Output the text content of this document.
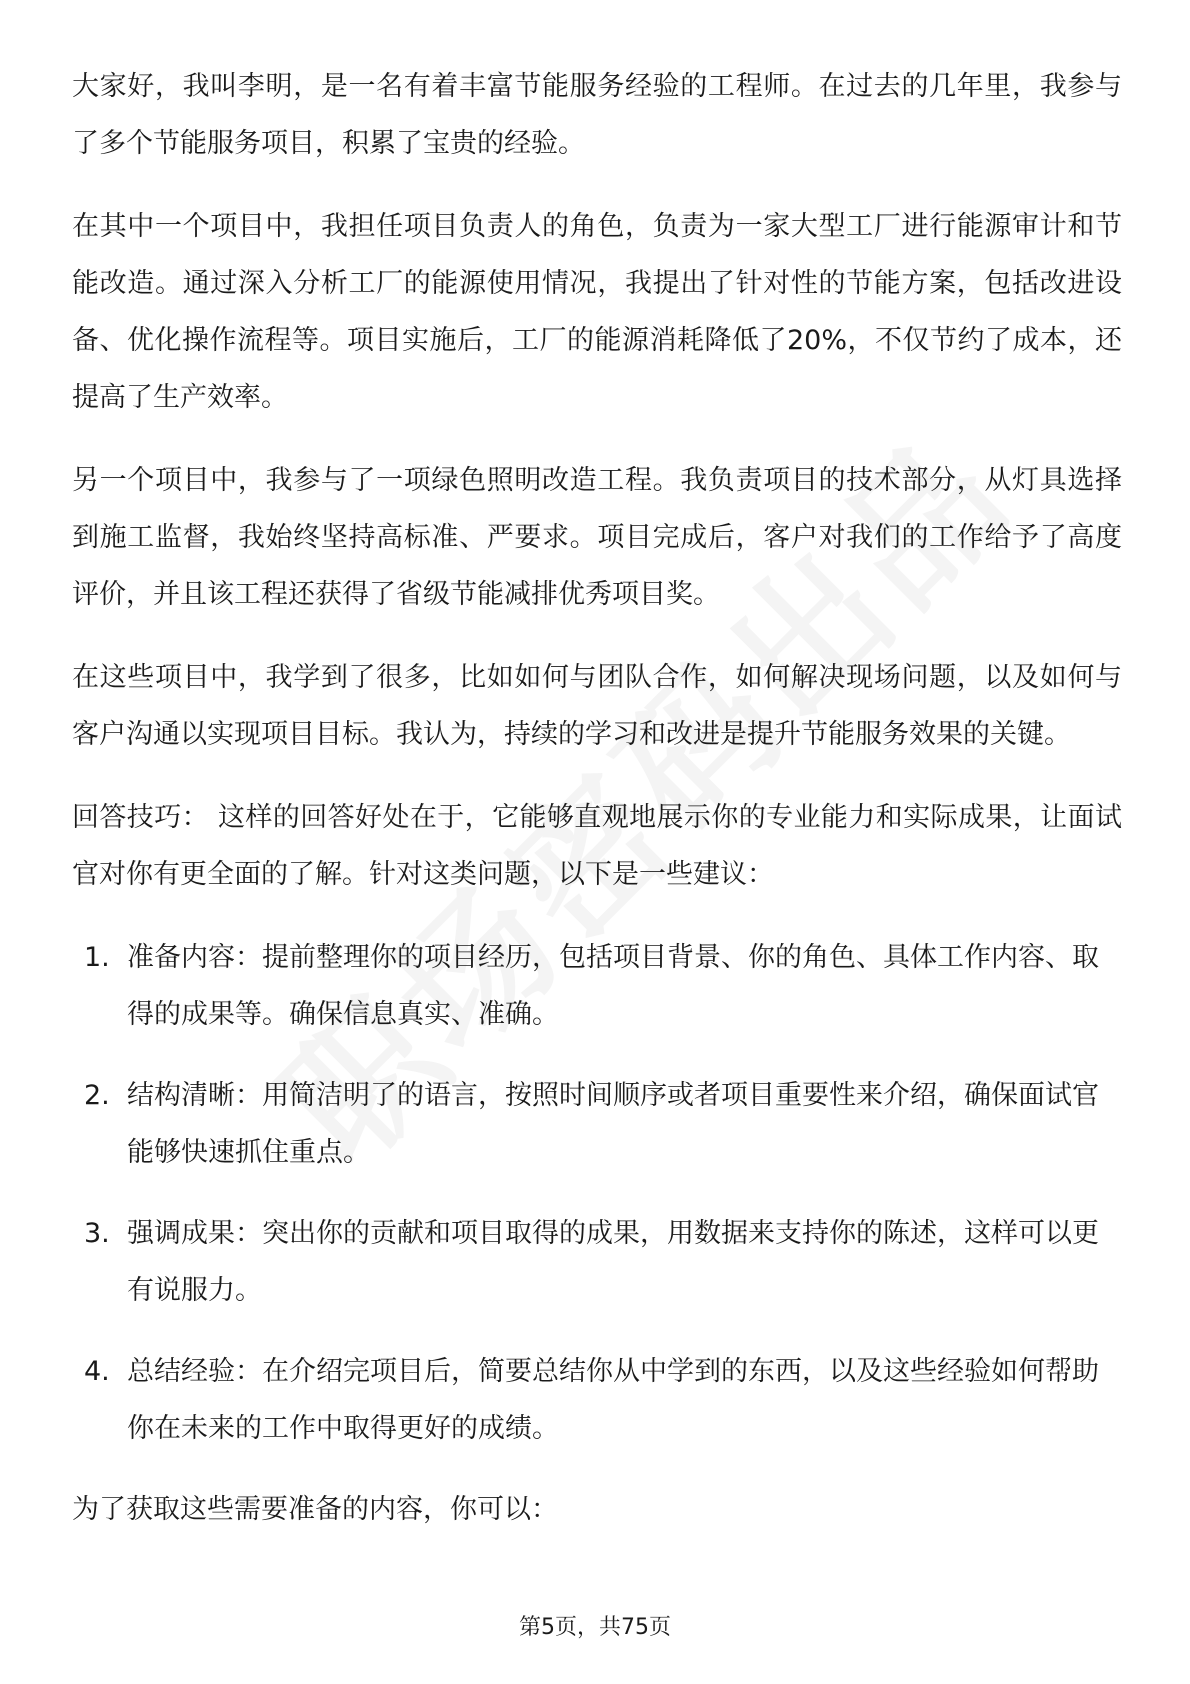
大家好，我叫李明，是一名有着丰富节能服务经验的工程师。在过去的几年里，我参与了多个节能服务项目，积累了宝贵的经验。

在其中一个项目中，我担任项目负责人的角色，负责为一家大型工厂进行能源审计和节能改造。通过深入分析工厂的能源使用情况，我提出了针对性的节能方案，包括改进设备、优化操作流程等。项目实施后，工厂的能源消耗降低了20%，不仅节约了成本，还提高了生产效率。

另一个项目中，我参与了一项绿色照明改造工程。我负责项目的技术部分，从灯具选择到施工监督，我始终坚持高标准、严要求。项目完成后，客户对我们的工作给予了高度评价，并且该工程还获得了省级节能减排优秀项目奖。

在这些项目中，我学到了很多，比如如何与团队合作，如何解决现场问题，以及如何与客户沟通以实现项目目标。我认为，持续的学习和改进是提升节能服务效果的关键。

回答技巧： 这样的回答好处在于，它能够直观地展示你的专业能力和实际成果，让面试官对你有更全面的了解。针对这类问题，以下是一些建议：

1. 准备内容：提前整理你的项目经历，包括项目背景、你的角色、具体工作内容、取得的成果等。确保信息真实、准确。
2. 结构清晰：用简洁明了的语言，按照时间顺序或者项目重要性来介绍，确保面试官能够快速抓住重点。
3. 强调成果：突出你的贡献和项目取得的成果，用数据来支持你的陈述，这样可以更有说服力。
4. 总结经验：在介绍完项目后，简要总结你从中学到的东西，以及这些经验如何帮助你在未来的工作中取得更好的成绩。

为了获取这些需要准备的内容，你可以：

第5页，共75页
